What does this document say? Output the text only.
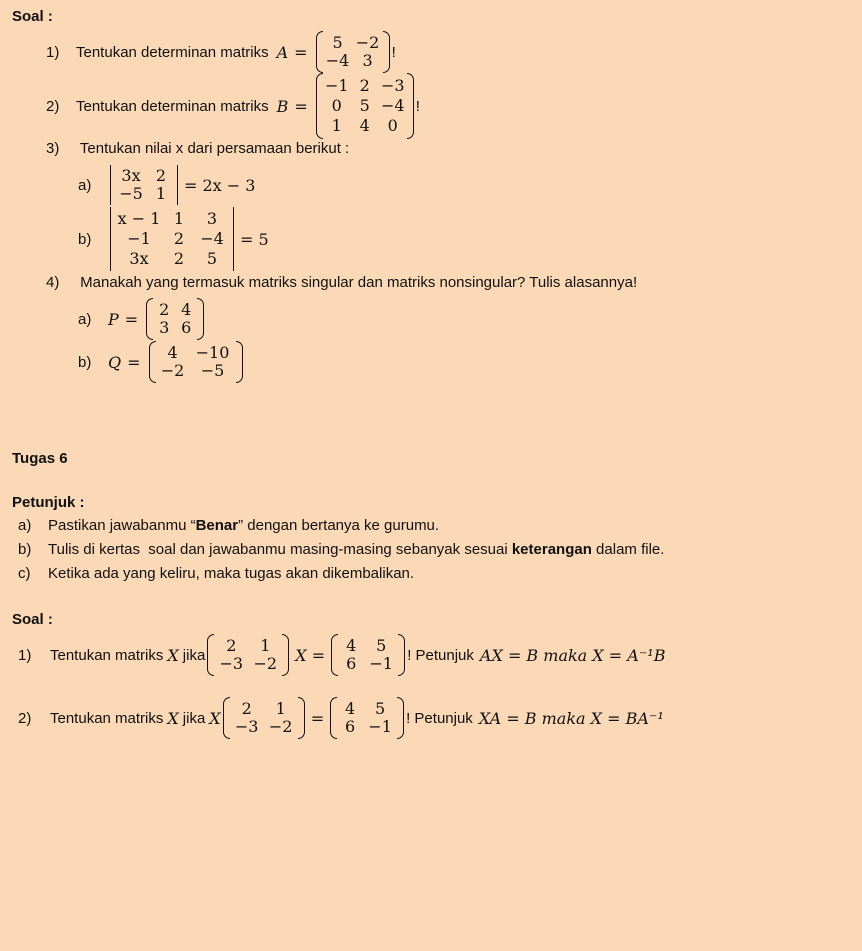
Soal :
1)	Tentukan determinan matriks A =	5 −2
−4 3	!
2)	Tentukan determinan matriks B =
−1 2 −3
0	5 −4
1	4	0
!
3) Tentukan nilai x dari persamaan berikut :
a)	3x 2
−5 1	= 2x − 3
b)
x − 1 1	3
−1	2	−4
3x	2	5
= 5
4) Manakah yang termasuk matriks singular dan matriks nonsingular? Tulis alasannya!
a)	P =	2 4
3 6
b)	Q =	4	−10
−2	−5
Tugas 6
Petunjuk :
a) Pastikan jawabanmu “Benar” dengan bertanya ke gurumu.
b) Tulis di kertas  soal dan jawabanmu masing-masing sebanyak sesuai keterangan dalam file.
c) Ketika ada yang keliru, maka tugas akan dikembalikan.
Soal :
1)	Tentukan matriks X jika	2	1
−3 −2	X =	4	5
6 −1 ! Petunjuk AX = B maka X = A⁻¹B
2)	Tentukan matriks X jika X	2	1
−3 −2	=	4	5
6 −1 ! Petunjuk XA = B maka X = BA⁻¹
